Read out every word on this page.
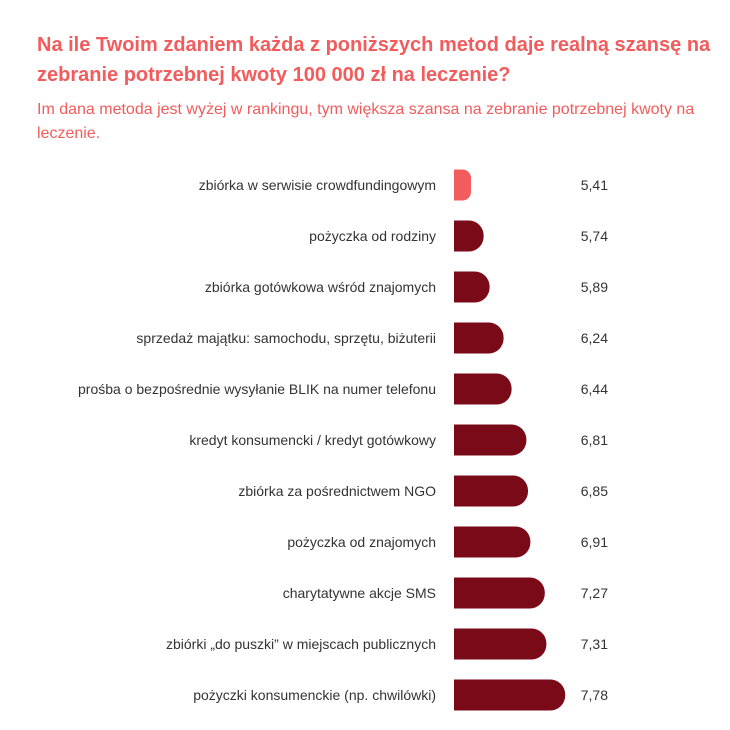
Na ile Twoim zdaniem każda z poniższych metod daje realną szansę na zebranie potrzebnej kwoty 100 000 zł na leczenie?

Im dana metoda jest wyżej w rankingu, tym większa szansa na zebranie potrzebnej kwoty na leczenie.

zbiórka w serwisie crowdfundingowym	5,41
pożyczka od rodziny	5,74
zbiórka gotówkowa wśród znajomych	5,89
sprzedaż majątku: samochodu, sprzętu, biżuterii	6,24
prośba o bezpośrednie wysyłanie BLIK na numer telefonu	6,44
kredyt konsumencki / kredyt gotówkowy	6,81
zbiórka za pośrednictwem NGO	6,85
pożyczka od znajomych	6,91
charytatywne akcje SMS	7,27
zbiórki „do puszki” w miejscach publicznych	7,31
pożyczki konsumenckie (np. chwilówki)	7,78
